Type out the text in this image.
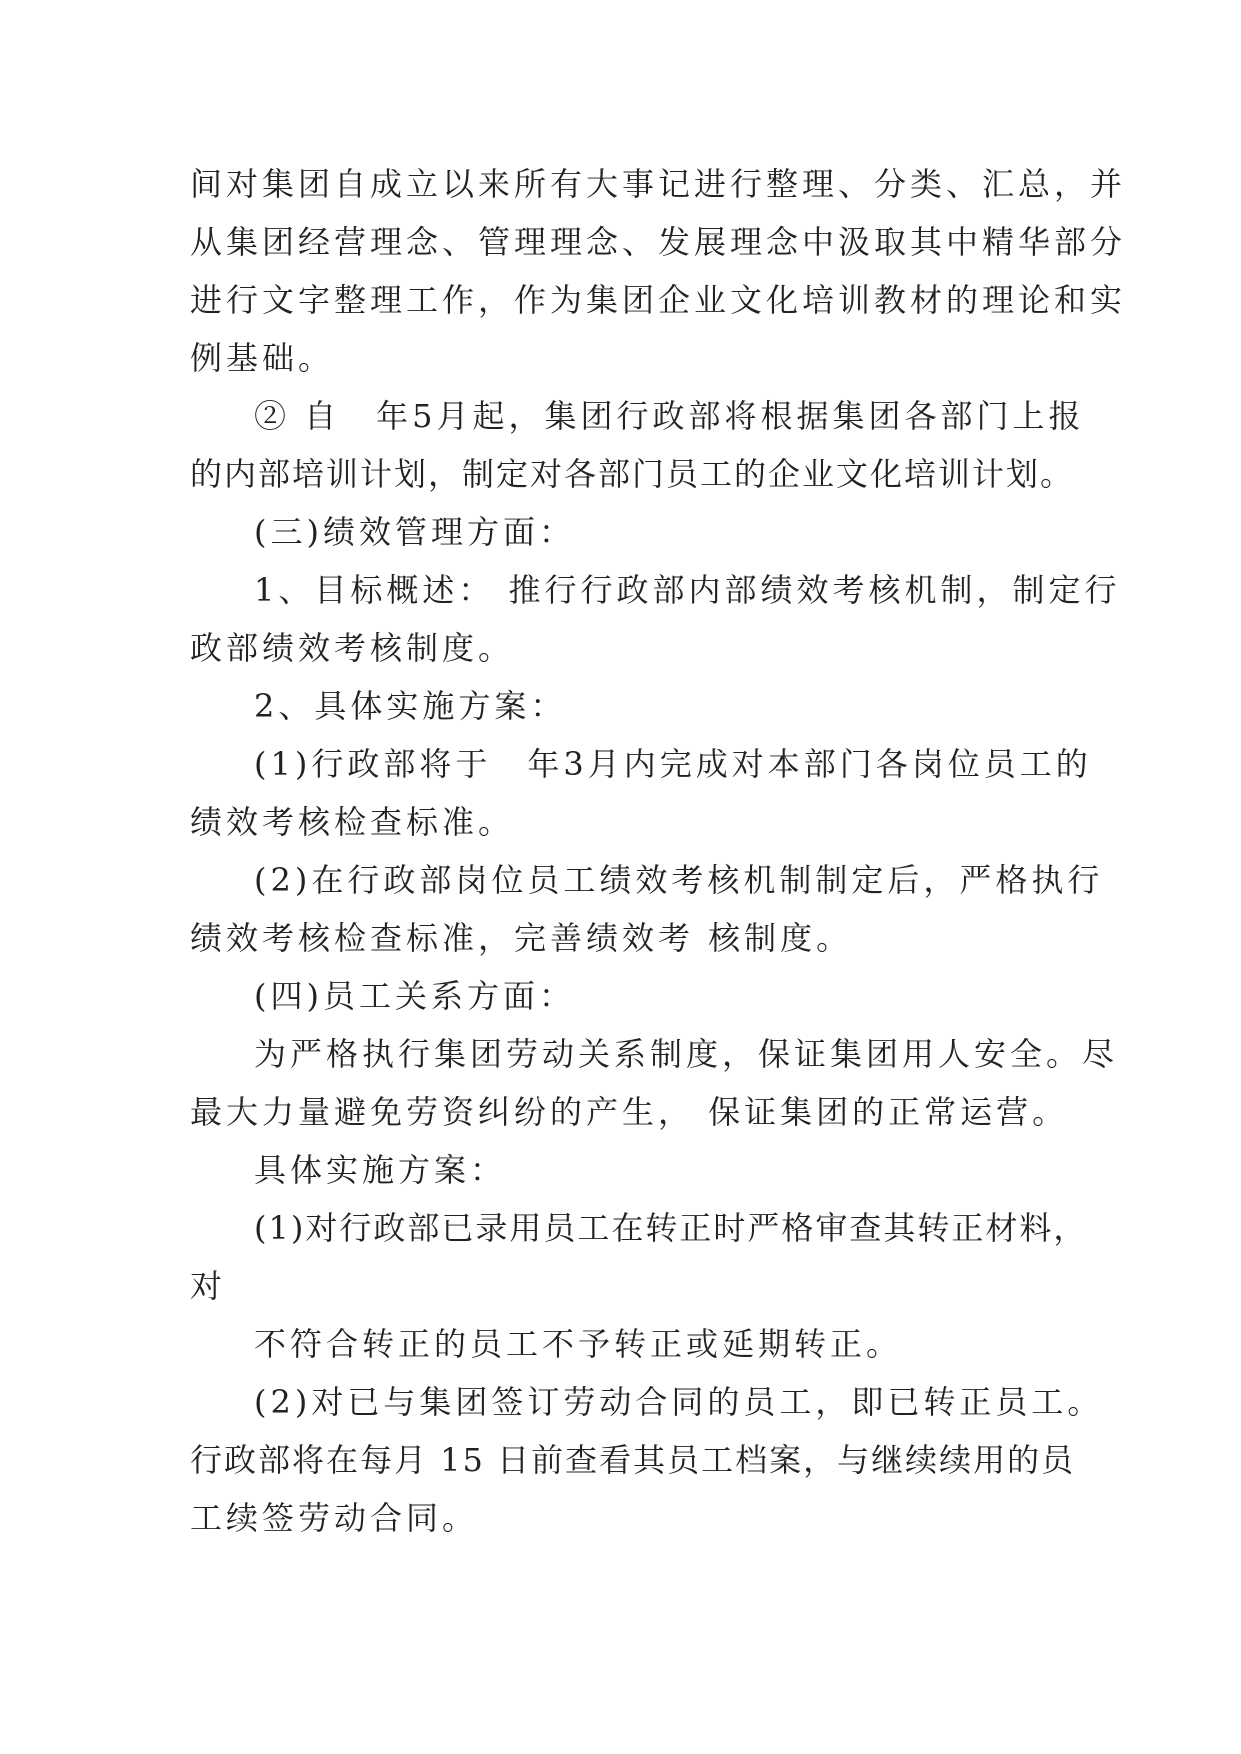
间对集团自成立以来所有大事记进行整理、分类、汇总，并
从集团经营理念、管理理念、发展理念中汲取其中精华部分
进行文字整理工作，作为集团企业文化培训教材的理论和实
例基础。
② 自　年5月起，集团行政部将根据集团各部门上报
的内部培训计划，制定对各部门员工的企业文化培训计划。
(三)绩效管理方面：
1、目标概述： 推行行政部内部绩效考核机制，制定行
政部绩效考核制度。
2、具体实施方案：
(1)行政部将于　年3月内完成对本部门各岗位员工的
绩效考核检查标准。
(2)在行政部岗位员工绩效考核机制制定后，严格执行
绩效考核检查标准，完善绩效考 核制度。
(四)员工关系方面：
为严格执行集团劳动关系制度，保证集团用人安全。尽
最大力量避免劳资纠纷的产生， 保证集团的正常运营。
具体实施方案：
(1)对行政部已录用员工在转正时严格审查其转正材料，
对
不符合转正的员工不予转正或延期转正。
(2)对已与集团签订劳动合同的员工，即已转正员工。
行政部将在每月 15 日前查看其员工档案，与继续续用的员
工续签劳动合同。
